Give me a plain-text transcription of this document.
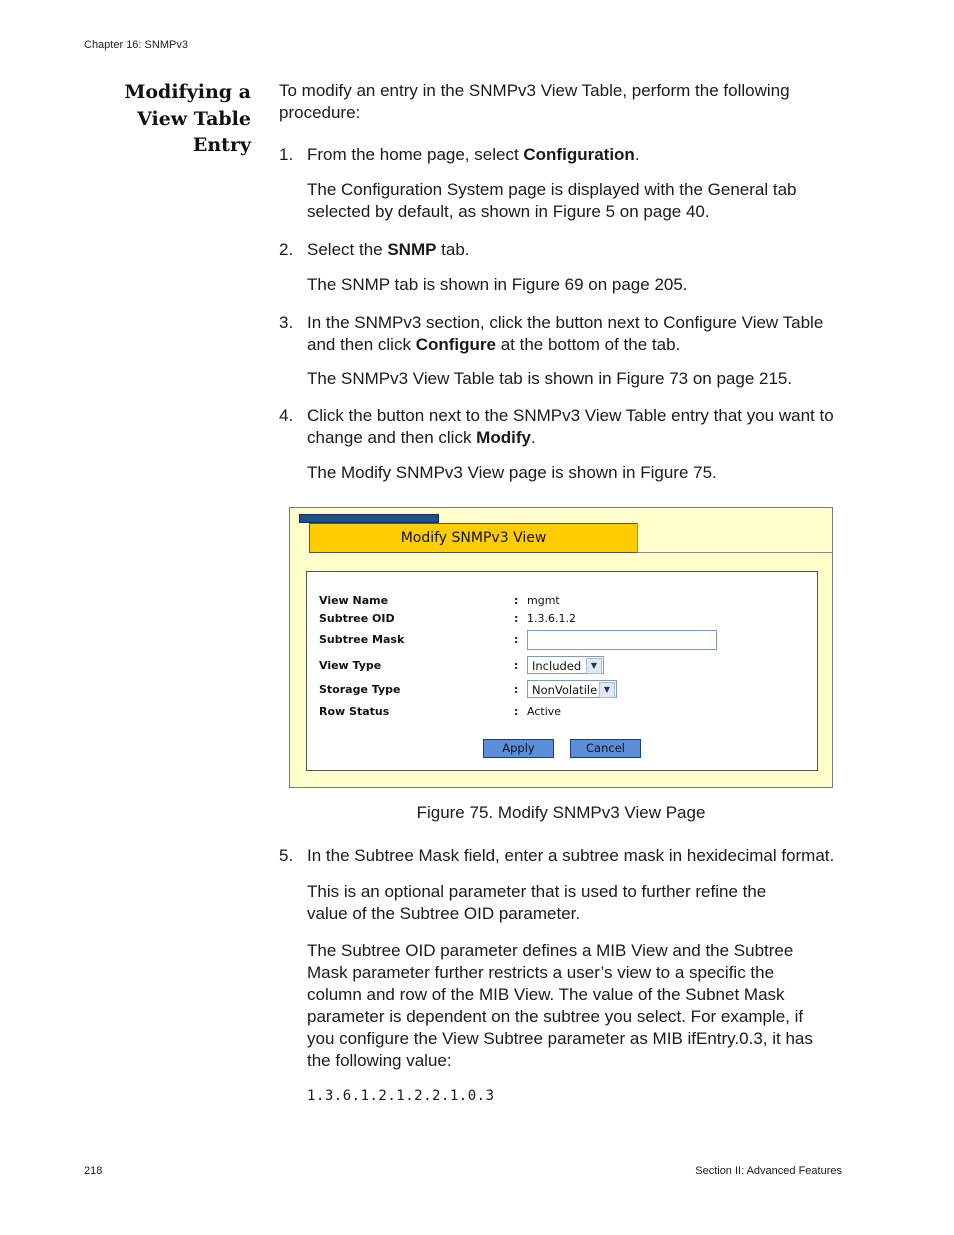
Chapter 16: SNMPv3
Modifying a
View Table
Entry
To modify an entry in the SNMPv3 View Table, perform the following procedure:
1. From the home page, select Configuration.
The Configuration System page is displayed with the General tab selected by default, as shown in Figure 5 on page 40.
2. Select the SNMP tab.
The SNMP tab is shown in Figure 69 on page 205.
3. In the SNMPv3 section, click the button next to Configure View Table and then click Configure at the bottom of the tab.
The SNMPv3 View Table tab is shown in Figure 73 on page 215.
4. Click the button next to the SNMPv3 View Table entry that you want to change and then click Modify.
The Modify SNMPv3 View page is shown in Figure 75.
Modify SNMPv3 View
View Name	: mgmt
Subtree OID	: 1.3.6.1.2
Subtree Mask	:
View Type	:	Included	▼
Storage Type	:	NonVolatile ▼
Row Status	: Active
Apply	Cancel
Figure 75. Modify SNMPv3 View Page
5. In the Subtree Mask field, enter a subtree mask in hexidecimal format.
This is an optional parameter that is used to further refine the value of the Subtree OID parameter.
The Subtree OID parameter defines a MIB View and the Subtree Mask parameter further restricts a user’s view to a specific the column and row of the MIB View. The value of the Subnet Mask parameter is dependent on the subtree you select. For example, if you configure the View Subtree parameter as MIB ifEntry.0.3, it has the following value:
1.3.6.1.2.1.2.2.1.0.3
218	Section II: Advanced Features
